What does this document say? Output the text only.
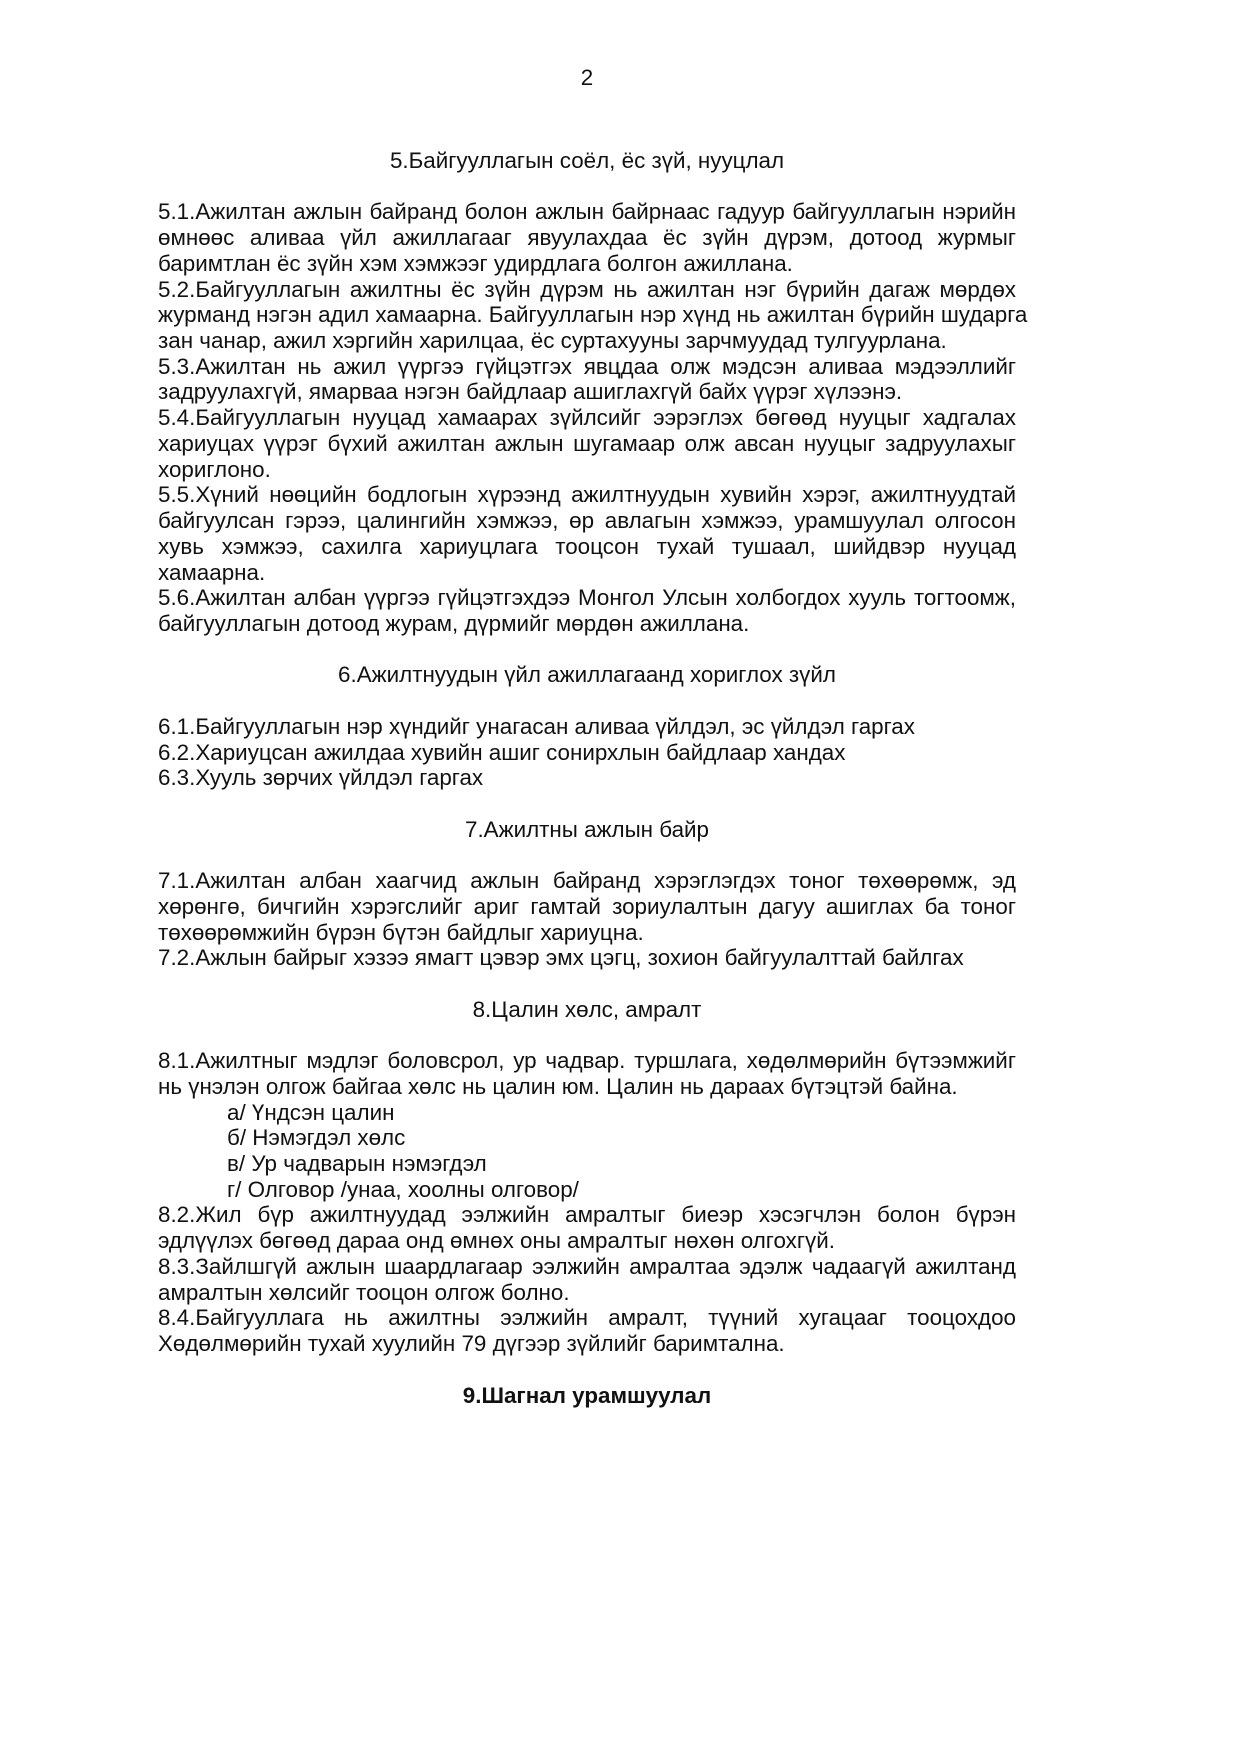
2
5.Байгууллагын соёл, ёс зүй, нууцлал
5.1.Ажилтан ажлын байранд болон ажлын байрнаас гадуур байгууллагын нэрийн
өмнөөс аливаа үйл ажиллагааг явуулахдаа ёс зүйн дүрэм, дотоод журмыг
баримтлан ёс зүйн хэм хэмжээг удирдлага болгон ажиллана.
5.2.Байгууллагын ажилтны ёс зүйн дүрэм нь ажилтан нэг бүрийн дагаж мөрдөх
журманд нэгэн адил хамаарна. Байгууллагын нэр хүнд нь ажилтан бүрийн шударга
зан чанар, ажил хэргийн харилцаа, ёс суртахууны зарчмуудад тулгуурлана.
5.3.Ажилтан нь ажил үүргээ гүйцэтгэх явцдаа олж мэдсэн аливаа мэдээллийг
задруулахгүй, ямарваа нэгэн байдлаар ашиглахгүй байх үүрэг хүлээнэ.
5.4.Байгууллагын нууцад хамаарах зүйлсийг ээрэглэх бөгөөд нууцыг хадгалах
хариуцах үүрэг бүхий ажилтан ажлын шугамаар олж авсан нууцыг задруулахыг
хориглоно.
5.5.Хүний нөөцийн бодлогын хүрээнд ажилтнуудын хувийн хэрэг, ажилтнуудтай
байгуулсан гэрээ, цалингийн хэмжээ, өр авлагын хэмжээ, урамшуулал олгосон
хувь хэмжээ, сахилга хариуцлага тооцсон тухай тушаал, шийдвэр нууцад
хамаарна.
5.6.Ажилтан албан үүргээ гүйцэтгэхдээ Монгол Улсын холбогдох хууль тогтоомж,
байгууллагын дотоод журам, дүрмийг мөрдөн ажиллана.
6.Ажилтнуудын үйл ажиллагаанд хориглох зүйл
6.1.Байгууллагын нэр хүндийг унагасан аливаа үйлдэл, эс үйлдэл гаргах
6.2.Хариуцсан ажилдаа хувийн ашиг сонирхлын байдлаар хандах
6.3.Хууль зөрчих үйлдэл гаргах
7.Ажилтны ажлын байр
7.1.Ажилтан албан хаагчид ажлын байранд хэрэглэгдэх тоног төхөөрөмж, эд
хөрөнгө, бичгийн хэрэгслийг ариг гамтай зориулалтын дагуу ашиглах ба тоног
төхөөрөмжийн бүрэн бүтэн байдлыг хариуцна.
7.2.Ажлын байрыг хэзээ ямагт цэвэр эмх цэгц, зохион байгуулалттай байлгах
8.Цалин хөлс, амралт
8.1.Ажилтныг мэдлэг боловсрол, ур чадвар. туршлага, хөдөлмөрийн бүтээмжийг
нь үнэлэн олгож байгаа хөлс нь цалин юм. Цалин нь дараах бүтэцтэй байна.
а/ Үндсэн цалин
б/ Нэмэгдэл хөлс
в/ Ур чадварын нэмэгдэл
г/ Олговор /унаа, хоолны олговор/
8.2.Жил бүр ажилтнуудад ээлжийн амралтыг биеэр хэсэгчлэн болон бүрэн
эдлүүлэх бөгөөд дараа онд өмнөх оны амралтыг нөхөн олгохгүй.
8.3.Зайлшгүй ажлын шаардлагаар ээлжийн амралтаа эдэлж чадаагүй ажилтанд
амралтын хөлсийг тооцон олгож болно.
8.4.Байгууллага нь ажилтны ээлжийн амралт, түүний хугацааг тооцохдоо
Хөдөлмөрийн тухай хуулийн 79 дүгээр зүйлийг баримтална.
9.Шагнал урамшуулал
